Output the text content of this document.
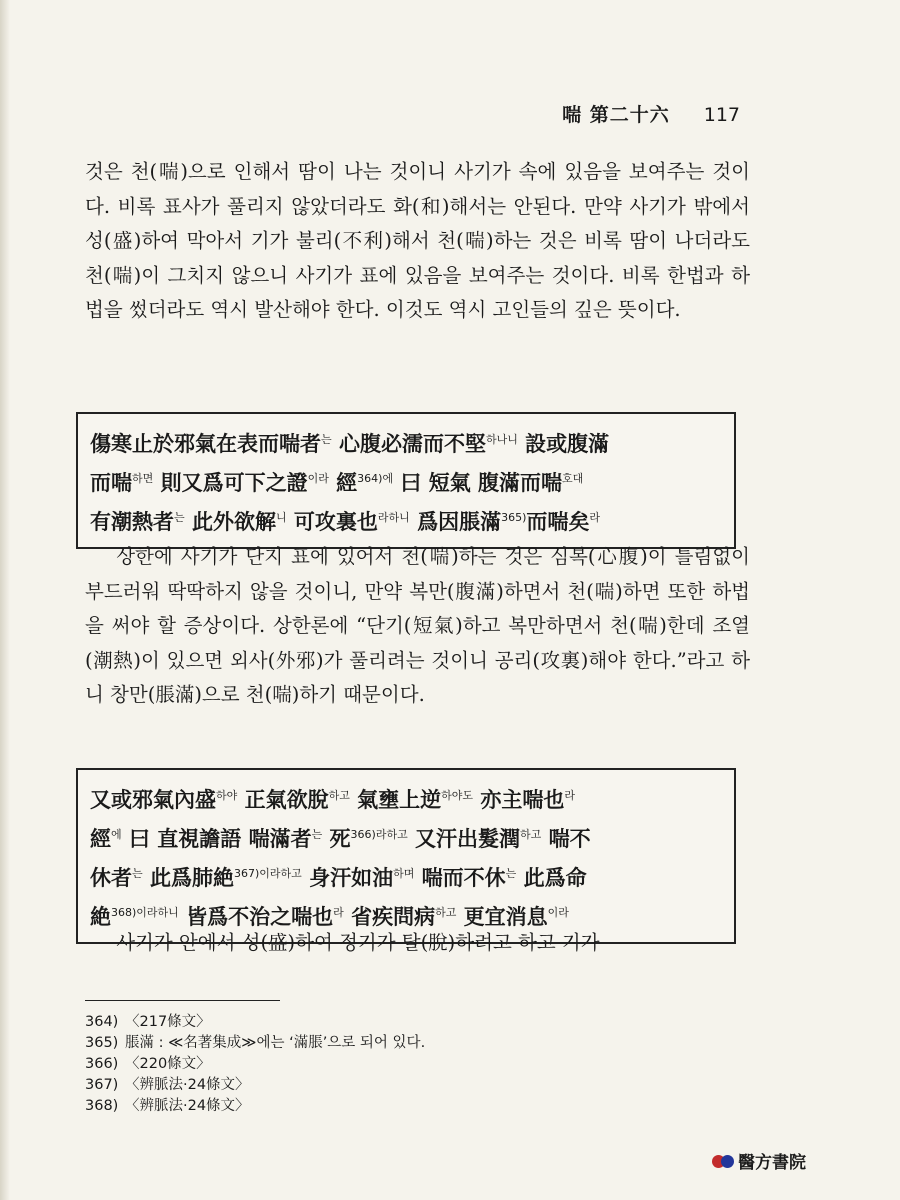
喘 第二十六 117

것은 천(喘)으로 인해서 땀이 나는 것이니 사기가 속에 있음을 보여주는 것이다. 비록 표사가 풀리지 않았더라도 화(和)해서는 안된다. 만약 사기가 밖에서 성(盛)하여 막아서 기가 불리(不利)해서 천(喘)하는 것은 비록 땀이 나더라도 천(喘)이 그치지 않으니 사기가 표에 있음을 보여주는 것이다. 비록 한법과 하법을 썼더라도 역시 발산해야 한다. 이것도 역시 고인들의 깊은 뜻이다.

傷寒止於邪氣在表而喘者$^는$ 心腹必濡而不堅$^{하나니}$ 設或腹滿
而喘$^{하면}$ 則又爲可下之證$^{이라}$ 經$^{364)에}$ 曰 短氣 腹滿而喘$^{호대}$
有潮熱者$^는$ 此外欲解$^니$ 可攻裏也$^{라하니}$ 爲因脹滿$^{365)}$而喘矣$^라$

상한에 사기가 단지 표에 있어서 천(喘)하는 것은 심복(心腹)이 틀림없이 부드러워 딱딱하지 않을 것이니, 만약 복만(腹滿)하면서 천(喘)하면 또한 하법을 써야 할 증상이다. 상한론에 “단기(短氣)하고 복만하면서 천(喘)한데 조열(潮熱)이 있으면 외사(外邪)가 풀리려는 것이니 공리(攻裏)해야 한다.”라고 하니 창만(脹滿)으로 천(喘)하기 때문이다.

又或邪氣內盛$^{하야}$ 正氣欲脫$^{하고}$ 氣壅上逆$^{하야도}$ 亦主喘也$^라$
經$^에$ 曰 直視譫語 喘滿者$^는$ 死$^{366)라하고}$ 又汗出髮潤$^{하고}$ 喘不
休者$^는$ 此爲肺絶$^{367)이라하고}$ 身汗如油$^{하며}$ 喘而不休$^는$ 此爲命
絶$^{368)이라하니}$ 皆爲不治之喘也$^라$ 省疾問病$^{하고}$ 更宜消息$^{이라}$

사기가 안에서 성(盛)하여 정기가 탈(脫)하려고 하고 기가

364) 〈217條文〉
365) 脹滿 : ≪名著集成≫에는 ‘滿脹’으로 되어 있다.
366) 〈220條文〉
367) 〈辨脈法·24條文〉
368) 〈辨脈法·24條文〉
醫方書院
